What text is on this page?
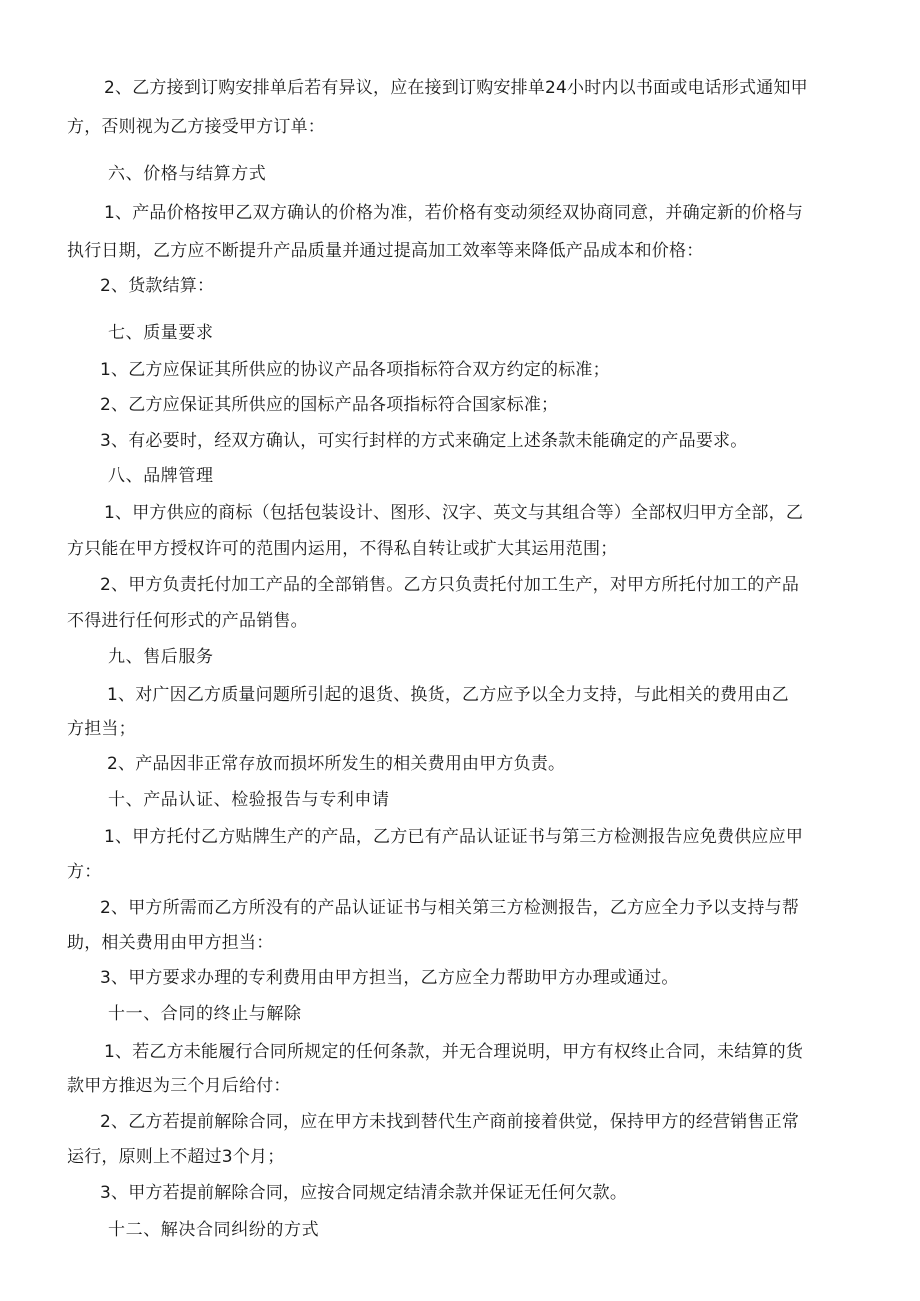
2、乙方接到订购安排单后若有异议，应在接到订购安排单24小时内以书面或电话形式通知甲
方，否则视为乙方接受甲方订单：
六、价格与结算方式
1、产品价格按甲乙双方确认的价格为准，若价格有变动须经双协商同意，并确定新的价格与
执行日期，乙方应不断提升产品质量并通过提高加工效率等来降低产品成本和价格：
2、货款结算：
七、质量要求
1、乙方应保证其所供应的协议产品各项指标符合双方约定的标准；
2、乙方应保证其所供应的国标产品各项指标符合国家标准；
3、有必要时，经双方确认，可实行封样的方式来确定上述条款未能确定的产品要求。
八、品牌管理
1、甲方供应的商标（包括包装设计、图形、汉字、英文与其组合等）全部权归甲方全部，乙
方只能在甲方授权许可的范围内运用，不得私自转让或扩大其运用范围；
2、甲方负责托付加工产品的全部销售。乙方只负责托付加工生产，对甲方所托付加工的产品
不得进行任何形式的产品销售。
九、售后服务
1、对广因乙方质量问题所引起的退货、换货，乙方应予以全力支持，与此相关的费用由乙
方担当；
2、产品因非正常存放而损坏所发生的相关费用由甲方负责。
十、产品认证、检验报告与专利申请
1、甲方托付乙方贴牌生产的产品，乙方已有产品认证证书与第三方检测报告应免费供应应甲
方：
2、甲方所需而乙方所没有的产品认证证书与相关第三方检测报告，乙方应全力予以支持与帮
助，相关费用由甲方担当：
3、甲方要求办理的专利费用由甲方担当，乙方应全力帮助甲方办理或通过。
十一、合同的终止与解除
1、若乙方未能履行合同所规定的任何条款，并无合理说明，甲方有权终止合同，未结算的货
款甲方推迟为三个月后给付：
2、乙方若提前解除合同，应在甲方未找到替代生产商前接着供觉，保持甲方的经营销售正常
运行，原则上不超过3个月；
3、甲方若提前解除合同，应按合同规定结清余款并保证无任何欠款。
十二、解决合同纠纷的方式
